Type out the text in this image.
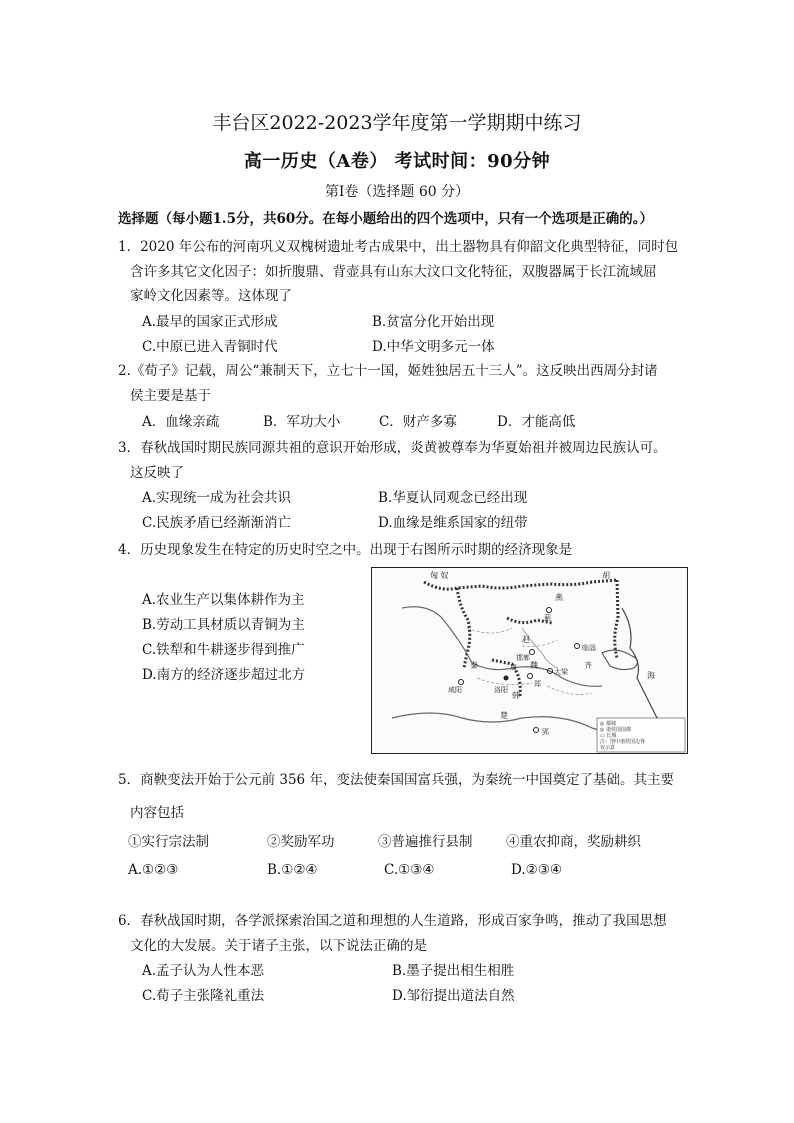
丰台区2022-2023学年度第一学期期中练习
高一历史（A卷） 考试时间：90分钟
第Ⅰ卷（选择题 60 分）
选择题（每小题1.5分，共60分。在每小题给出的四个选项中，只有一个选项是正确的。）
1．2020 年公布的河南巩义双槐树遗址考古成果中，出土器物具有仰韶文化典型特征，同时包
含许多其它文化因子：如折腹鼎、背壶具有山东大汶口文化特征，双腹器属于长江流域屈
家岭文化因素等。这体现了
A.最早的国家正式形成	B.贫富分化开始出现
C.中原已进入青铜时代	D.中华文明多元一体
2.《荀子》记载，周公“兼制天下，立七十一国，姬姓独居五十三人”。这反映出西周分封诸
侯主要是基于
A．血缘亲疏	B．军功大小	C．财产多寡	D．才能高低
3．春秋战国时期民族同源共祖的意识开始形成，炎黄被尊奉为华夏始祖并被周边民族认可。
这反映了
A.实现统一成为社会共识	B.华夏认同观念已经出现
C.民族矛盾已经渐渐消亡	D.血缘是维系国家的纽带
4．历史现象发生在特定的历史时空之中。出现于右图所示时期的经济现象是
A.农业生产以集体耕作为主
B.劳动工具材质以青铜为主
C.铁犁和牛耕逐步得到推广
D.南方的经济逐步超过北方
匈 奴	胡
燕
蓟
赵
邯郸
临淄
齐
魏
大梁
郑
韩
洛阳
周
秦
咸阳
楚
郢
海
◎ 都城
◎ 诸侯国国都
▭ 长城
注：图中诸侯国边界
仅示意
5．商鞅变法开始于公元前 356 年，变法使秦国国富兵强，为秦统一中国奠定了基础。其主要
内容包括
①实行宗法制	②奖励军功	③普遍推行县制 ④重农抑商，奖励耕织
A.①②③	B.①②④	C.①③④	D.②③④
6．春秋战国时期，各学派探索治国之道和理想的人生道路，形成百家争鸣，推动了我国思想
文化的大发展。关于诸子主张，以下说法正确的是
A.孟子认为人性本恶	B.墨子提出相生相胜
C.荀子主张隆礼重法	D.邹衍提出道法自然
